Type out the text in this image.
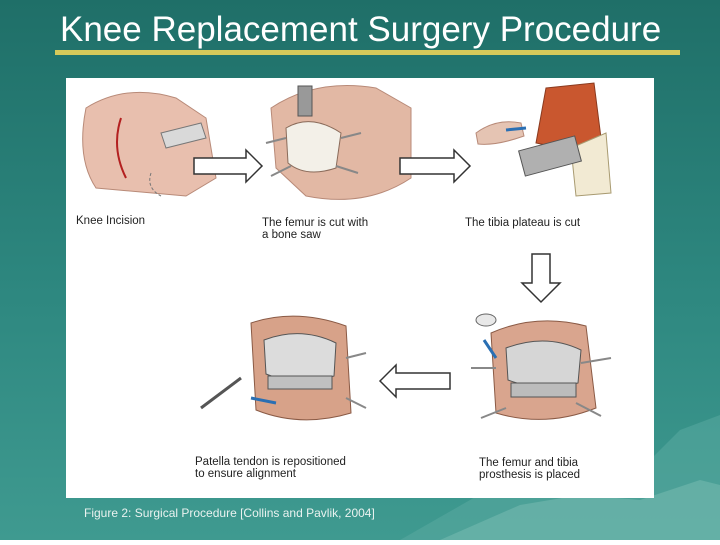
Knee Replacement Surgery Procedure
Knee Incision	The femur is cut with
a bone saw
The tibia plateau is cut
The femur and tibia
prosthesis is placed
Patella tendon is repositioned
to ensure alignment
Figure 2: Surgical Procedure [Collins and Pavlik, 2004]
